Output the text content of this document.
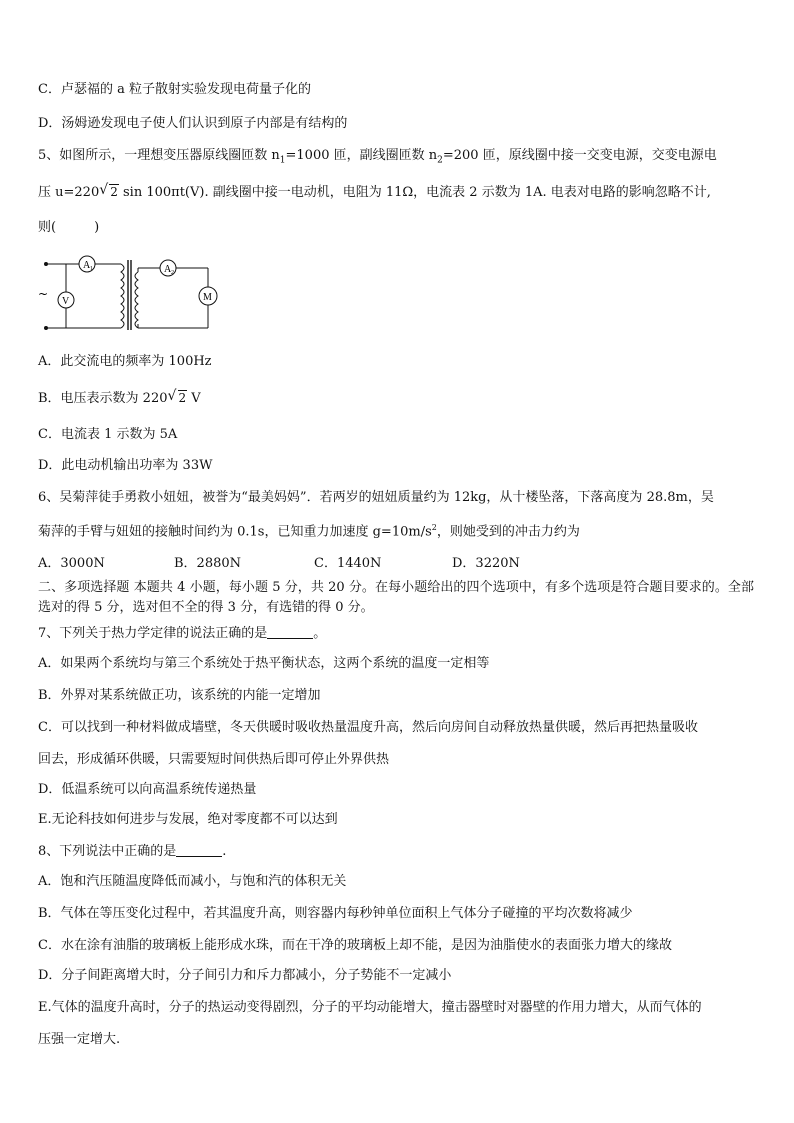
C．卢瑟福的 a 粒子散射实验发现电荷量子化的
D．汤姆逊发现电子使人们认识到原子内部是有结构的
5、如图所示，一理想变压器原线圈匝数 $n_1=1000$ 匝，副线圈匝数 $n_2=200$ 匝，原线圈中接一交变电源，交变电源电
压 u=220 √ 2 sin 100πt(V). 副线圈中接一电动机，电阻为 11Ω，电流表 2 示数为 1A. 电表对电路的影响忽略不计,
则(	)
A 1
V
~
A 2
M
A．此交流电的频率为 100Hz
B．电压表示数为 220 √ 2 V
C．电流表 1 示数为 5A
D．此电动机输出功率为 33W
6、吴菊萍徒手勇救小妞妞，被誉为“最美妈妈”．若两岁的妞妞质量约为 12kg，从十楼坠落，下落高度为 28.8m，吴
菊萍的手臂与妞妞的接触时间约为 0.1s，已知重力加速度 $g=10m/s^2$，则她受到的冲击力约为
A．3000N	B．2880N	C．1440N	D．3220N
二、多项选择题 本题共 4 小题，每小题 5 分，共 20 分。在每小题给出的四个选项中，有多个选项是符合题目要求的。全部选对的得 5 分，选对但不全的得 3 分，有选错的得 0 分。
7、下列关于热力学定律的说法正确的是	。
A．如果两个系统均与第三个系统处于热平衡状态，这两个系统的温度一定相等
B．外界对某系统做正功，该系统的内能一定增加
C．可以找到一种材料做成墙壁，冬天供暖时吸收热量温度升高，然后向房间自动释放热量供暖，然后再把热量吸收
回去，形成循环供暖，只需要短时间供热后即可停止外界供热
D．低温系统可以向高温系统传递热量
E.无论科技如何进步与发展，绝对零度都不可以达到
8、下列说法中正确的是	.
A．饱和汽压随温度降低而减小，与饱和汽的体积无关
B．气体在等压变化过程中，若其温度升高，则容器内每秒钟单位面积上气体分子碰撞的平均次数将减少
C．水在涂有油脂的玻璃板上能形成水珠，而在干净的玻璃板上却不能，是因为油脂使水的表面张力增大的缘故
D．分子间距离增大时，分子间引力和斥力都减小，分子势能不一定减小
E.气体的温度升高时，分子的热运动变得剧烈，分子的平均动能增大，撞击器壁时对器壁的作用力增大，从而气体的
压强一定增大.
